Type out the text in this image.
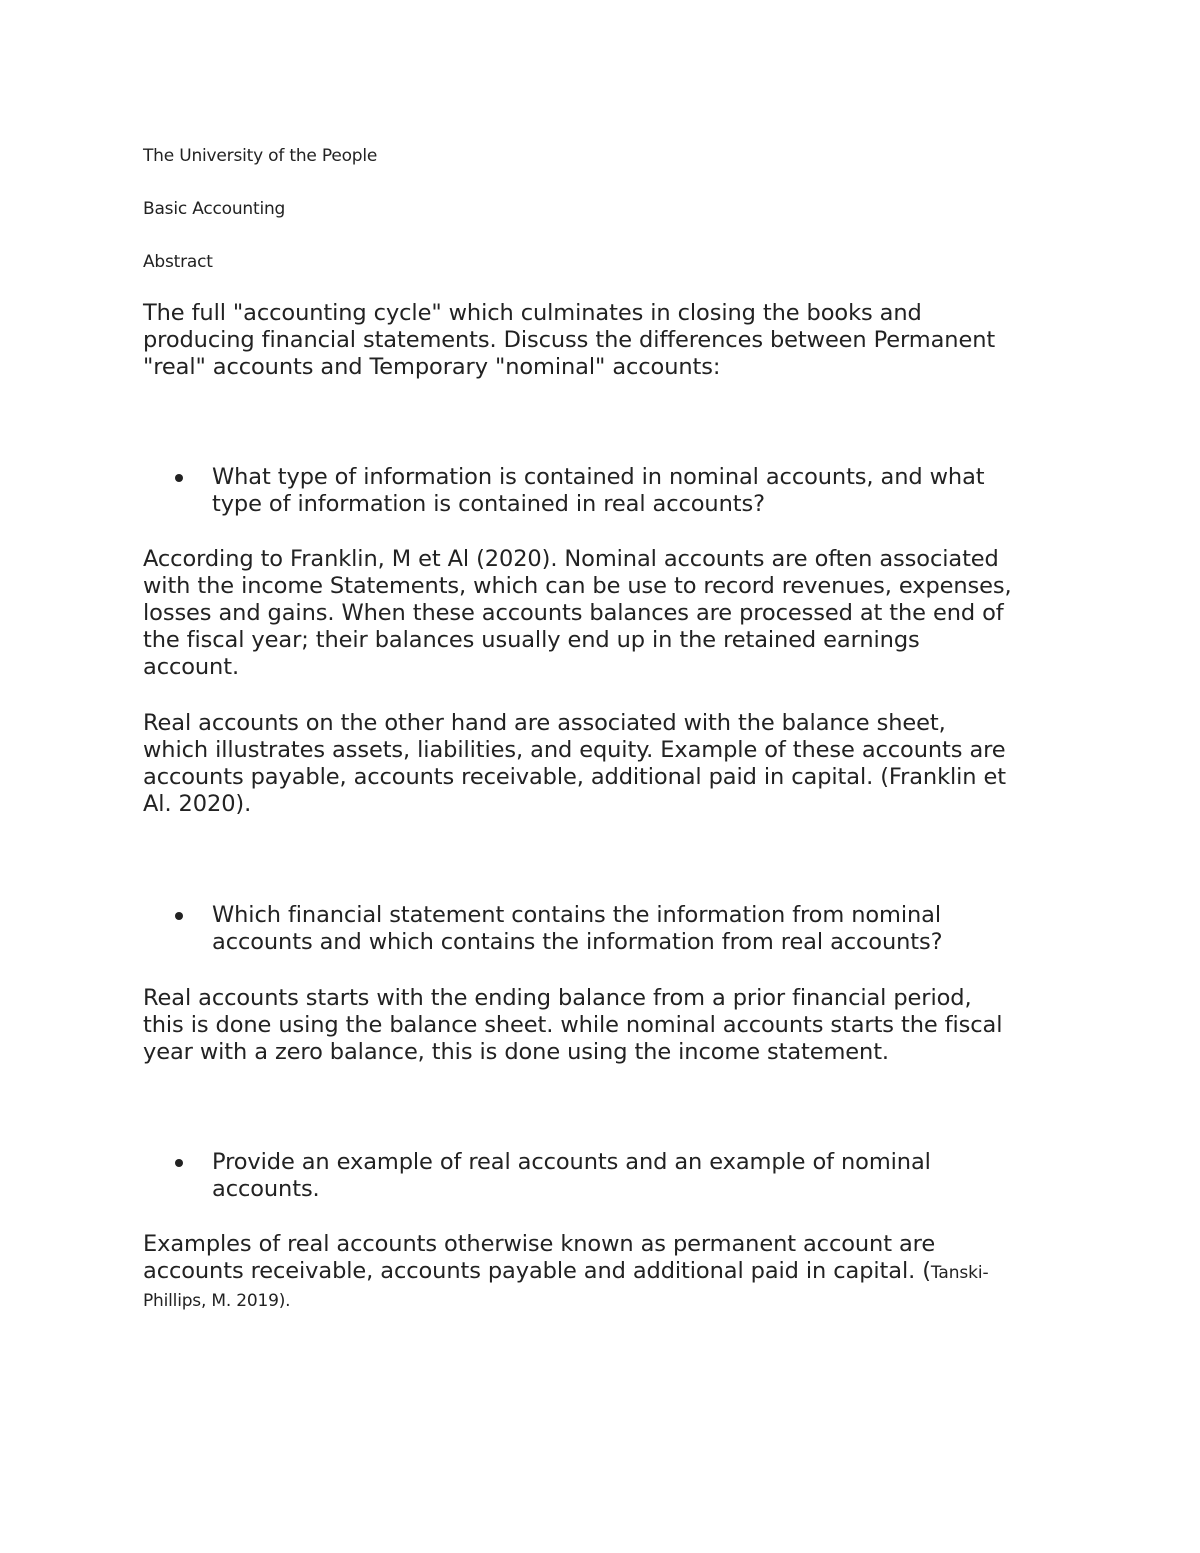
The University of the People

Basic Accounting

Abstract

The full "accounting cycle" which culminates in closing the books and

producing financial statements. Discuss the differences between Permanent

"real" accounts and Temporary "nominal" accounts:

What type of information is contained in nominal accounts, and what

type of information is contained in real accounts?

According to Franklin, M et Al (2020). Nominal accounts are often associated

with the income Statements, which can be use to record revenues, expenses,

losses and gains. When these accounts balances are processed at the end of

the fiscal year; their balances usually end up in the retained earnings

account.

Real accounts on the other hand are associated with the balance sheet,

which illustrates assets, liabilities, and equity. Example of these accounts are

accounts payable, accounts receivable, additional paid in capital. (Franklin et

Al. 2020).

Which financial statement contains the information from nominal

accounts and which contains the information from real accounts?

Real accounts starts with the ending balance from a prior financial period,

this is done using the balance sheet. while nominal accounts starts the fiscal

year with a zero balance, this is done using the income statement.

Provide an example of real accounts and an example of nominal

accounts.

Examples of real accounts otherwise known as permanent account are

accounts receivable, accounts payable and additional paid in capital. (Tanski-

Phillips, M. 2019).
